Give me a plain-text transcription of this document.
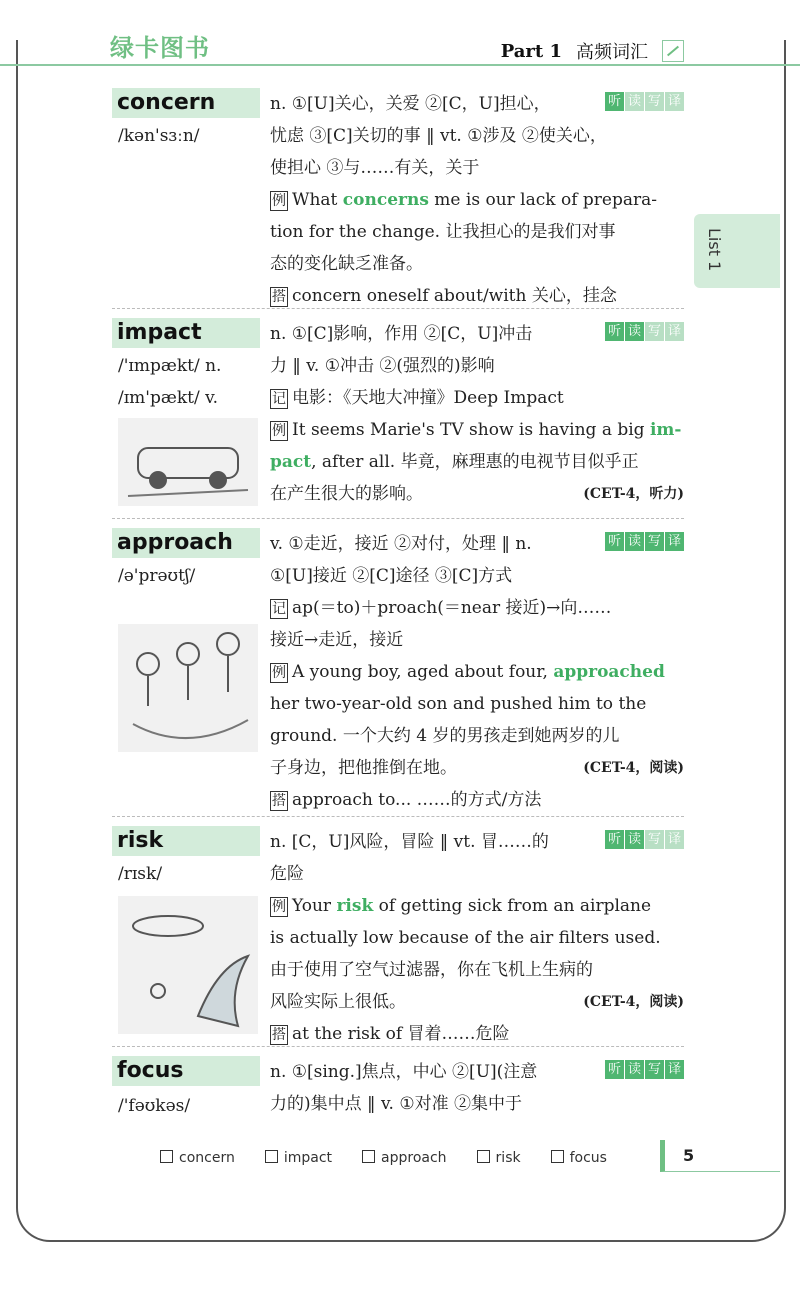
绿卡图书	Part 1 高频词汇
List 1
concern
/kən'sɜːn/
n. ①[U]关心，关爱 ②[C，U]担心，
忧虑 ③[C]关切的事 ‖ vt. ①涉及 ②使关心，
使担心 ③与……有关，关于
例 What concerns me is our lack of prepara-
tion for the change. 让我担心的是我们对事
态的变化缺乏准备。
搭 concern oneself about/with 关心，挂念
听 读 写 译
impact
/'ɪmpækt/ n.
/ɪm'pækt/ v.
n. ①[C]影响，作用 ②[C，U]冲击
力 ‖ v. ①冲击 ②(强烈的)影响
记 电影：《天地大冲撞》Deep Impact
例 It seems Marie's TV show is having a big im-
pact, after all. 毕竟，麻理惠的电视节目似乎正
在产生很大的影响。	(CET-4，听力)
听 读 写 译
approach
/ə'prəʊtʃ/
v. ①走近，接近 ②对付，处理 ‖ n.
①[U]接近 ②[C]途径 ③[C]方式
记 ap(＝to)＋proach(＝near 接近)→向……
接近→走近，接近
例 A young boy, aged about four, approached
her two-year-old son and pushed him to the
ground. 一个大约 4 岁的男孩走到她两岁的儿
子身边，把他推倒在地。	(CET-4，阅读)
搭 approach to... ……的方式/方法
听 读 写 译
risk
/rɪsk/
n. [C，U]风险，冒险 ‖ vt. 冒……的
危险
例 Your risk of getting sick from an airplane
is actually low because of the air filters used.
由于使用了空气过滤器，你在飞机上生病的
风险实际上很低。	(CET-4，阅读)
搭 at the risk of 冒着……危险
听 读 写 译
focus
/'fəʊkəs/
n. ①[sing.]焦点，中心 ②[U](注意
力的)集中点 ‖ v. ①对准 ②集中于
听 读 写 译
concern	impact	approach	risk	focus	5
